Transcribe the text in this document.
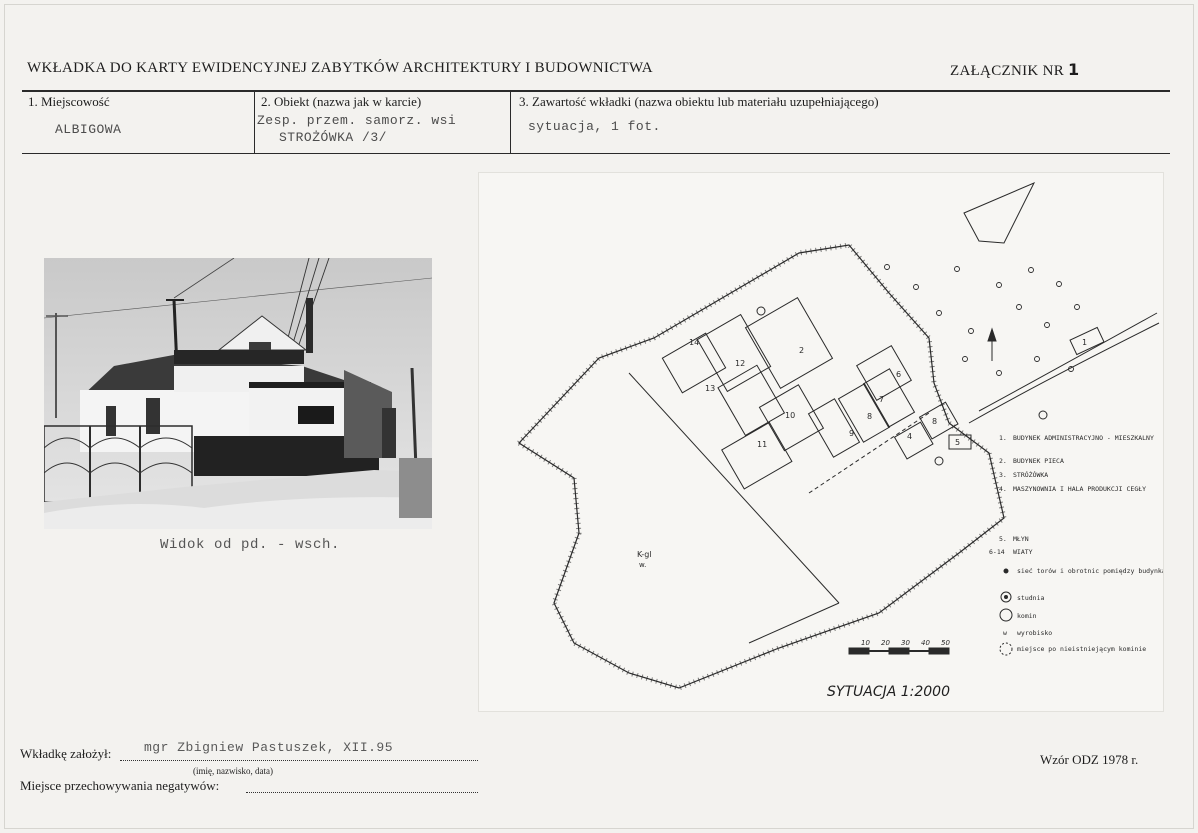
WKŁADKA DO KARTY EWIDENCYJNEJ ZABYTKÓW ARCHITEKTURY I BUDOWNICTWA	ZAŁĄCZNIK NR 1
1. Miejscowość
ALBIGOWA
2. Obiekt (nazwa jak w karcie)
Zesp. przem. samorz. wsi
STROŻÓWKA /3/
3. Zawartość wkładki (nazwa obiektu lub materiału uzupełniającego)
sytuacja, 1 fot.
Widok od pd. - wsch.
14
2
12
13
10
11
6
7
8
9	4
8
5
1
K-gl
w.
10 20 30 40 50
SYTUACJA 1:2000
1. BUDYNEK ADMINISTRACYJNO - MIESZKALNY
2. BUDYNEK PIECA
3. STRÓŻÓWKA
4. MASZYNOWNIA I HALA PRODUKCJI CEGŁY
5. MŁYN
6-14 WIATY
sieć torów i obrotnic pomiędzy budynkami
studnia
komin
w wyrobisko
miejsce po nieistniejącym kominie
Wkładkę założył:	mgr Zbigniew Pastuszek, XII.95
(imię, nazwisko, data)
Miejsce przechowywania negatywów:
Wzór ODZ 1978 r.
